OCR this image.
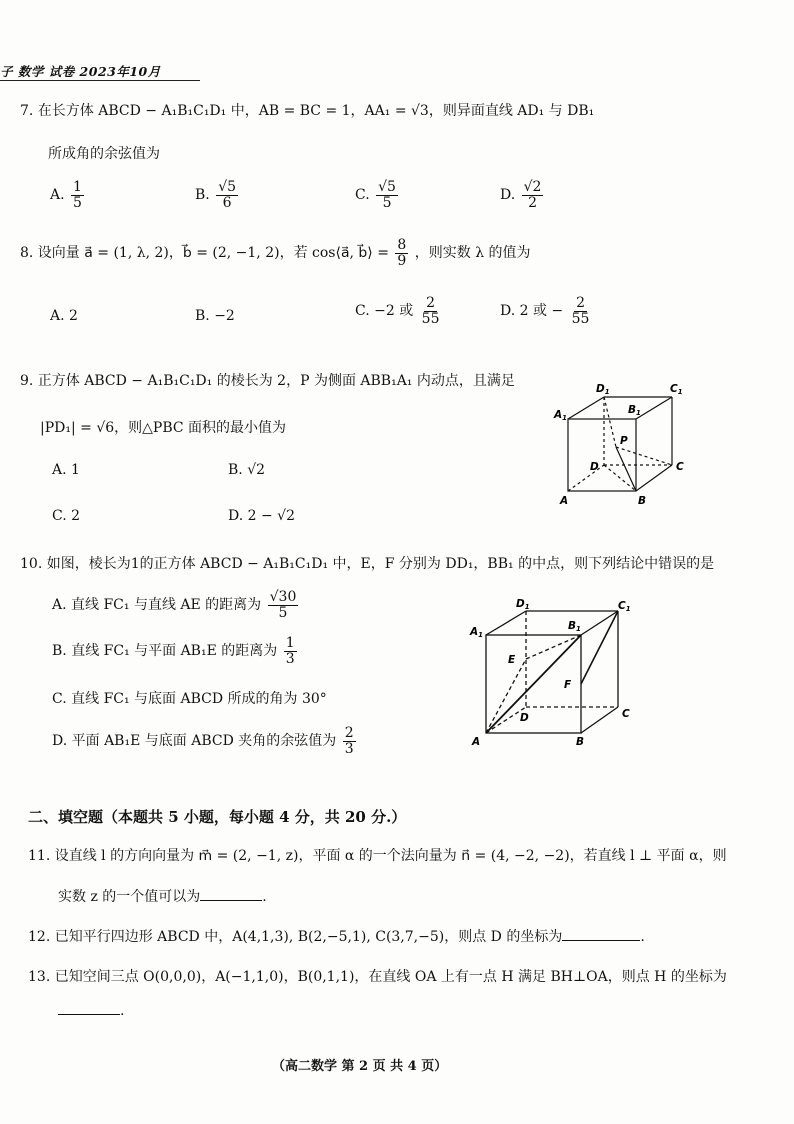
子 数学 试卷 2023年10月
7. 在长方体 ABCD − A₁B₁C₁D₁ 中，AB = BC = 1，AA₁ = √3，则异面直线 AD₁ 与 DB₁
所成角的余弦值为
A. $\frac{1}{5}$	B. $\frac{√5}{6}$	C. $\frac{√5}{5}$	D. $\frac{√2}{2}$
8. 设向量 a⃗ = (1, λ, 2)，b⃗ = (2, −1, 2)，若 cos⟨a⃗, b⃗⟩ = $\frac{8}{9}$ ，则实数 λ 的值为
A. 2	B. −2	C. −2 或 $\frac{2}{55}$	D. 2 或 − $\frac{2}{55}$
9. 正方体 ABCD − A₁B₁C₁D₁ 的棱长为 2，P 为侧面 ABB₁A₁ 内动点，且满足
|PD₁| = √6，则△PBC 面积的最小值为
A. 1	B. √2
C. 2	D. 2 − √2
D1	C1
A1
B1
P
D	C
A	B
10. 如图，棱长为1的正方体 ABCD − A₁B₁C₁D₁ 中，E，F 分别为 DD₁，BB₁ 的中点，则下列结论中错误的是
A. 直线 FC₁ 与直线 AE 的距离为 $\frac{√30}{5}$
B. 直线 FC₁ 与平面 AB₁E 的距离为 $\frac{1}{3}$
C. 直线 FC₁ 与底面 ABCD 所成的角为 30°
D. 平面 AB₁E 与底面 ABCD 夹角的余弦值为 $\frac{2}{3}$
D1	C1
A1
B1
E
F
D	C
A	B
二、填空题（本题共 5 小题，每小题 4 分，共 20 分.）
11. 设直线 l 的方向向量为 m⃗ = (2, −1, z)，平面 α 的一个法向量为 n⃗ = (4, −2, −2)，若直线 l ⊥ 平面 α，则
实数 z 的一个值可以为	.
12. 已知平行四边形 ABCD 中，A(4,1,3), B(2,−5,1), C(3,7,−5)，则点 D 的坐标为	.
13. 已知空间三点 O(0,0,0)，A(−1,1,0)，B(0,1,1)，在直线 OA 上有一点 H 满足 BH⊥OA，则点 H 的坐标为
.
（高二数学 第 2 页 共 4 页）
